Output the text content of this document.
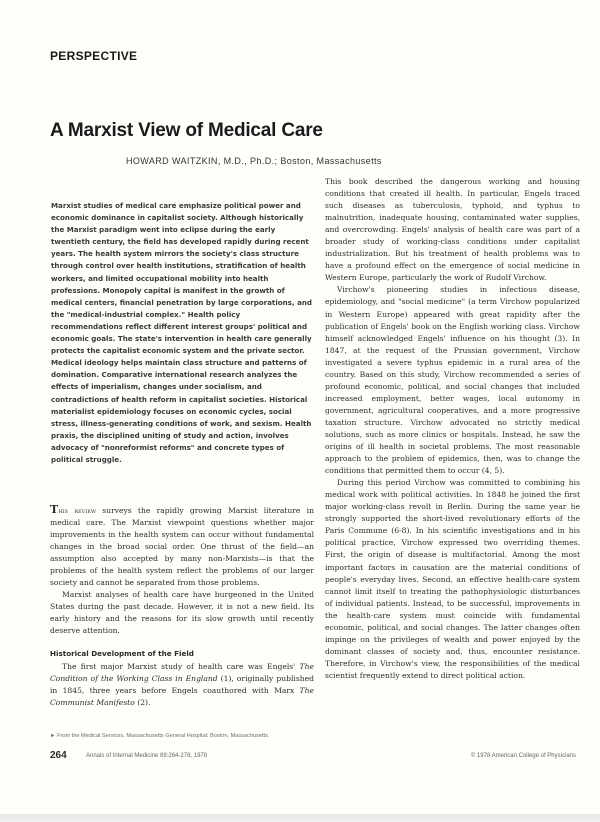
PERSPECTIVE
A Marxist View of Medical Care
HOWARD WAITZKIN, M.D., Ph.D.; Boston, Massachusetts

Marxist studies of medical care emphasize political power and economic dominance in capitalist society. Although historically the Marxist paradigm went into eclipse during the early twentieth century, the field has developed rapidly during recent years. The health system mirrors the society's class structure through control over health institutions, stratification of health workers, and limited occupational mobility into health professions. Monopoly capital is manifest in the growth of medical centers, financial penetration by large corporations, and the "medical-industrial complex." Health policy recommendations reflect different interest groups' political and economic goals. The state's intervention in health care generally protects the capitalist economic system and the private sector. Medical ideology helps maintain class structure and patterns of domination. Comparative international research analyzes the effects of imperialism, changes under socialism, and contradictions of health reform in capitalist societies. Historical materialist epidemiology focuses on economic cycles, social stress, illness-generating conditions of work, and sexism. Health praxis, the disciplined uniting of study and action, involves advocacy of "nonreformist reforms" and concrete types of political struggle.

This review surveys the rapidly growing Marxist literature in medical care. The Marxist viewpoint questions whether major improvements in the health system can occur without fundamental changes in the broad social order. One thrust of the field—an assumption also accepted by many non-Marxists—is that the problems of the health system reflect the problems of our larger society and cannot be separated from those problems.

Marxist analyses of health care have burgeoned in the United States during the past decade. However, it is not a new field. Its early history and the reasons for its slow growth until recently deserve attention.

Historical Development of the Field

The first major Marxist study of health care was Engels' The Condition of the Working Class in England (1), originally published in 1845, three years before Engels coauthored with Marx The Communist Manifesto (2).

This book described the dangerous working and housing conditions that created ill health. In particular, Engels traced such diseases as tuberculosis, typhoid, and typhus to malnutrition, inadequate housing, contaminated water supplies, and overcrowding. Engels' analysis of health care was part of a broader study of working-class conditions under capitalist industrialization. But his treatment of health problems was to have a profound effect on the emergence of social medicine in Western Europe, particularly the work of Rudolf Virchow.

Virchow's pioneering studies in infectious disease, epidemiology, and "social medicine" (a term Virchow popularized in Western Europe) appeared with great rapidity after the publication of Engels' book on the English working class. Virchow himself acknowledged Engels' influence on his thought (3). In 1847, at the request of the Prussian government, Virchow investigated a severe typhus epidemic in a rural area of the country. Based on this study, Virchow recommended a series of profound economic, political, and social changes that included increased employment, better wages, local autonomy in government, agricultural cooperatives, and a more progressive taxation structure. Virchow advocated no strictly medical solutions, such as more clinics or hospitals. Instead, he saw the origins of ill health in societal problems. The most reasonable approach to the problem of epidemics, then, was to change the conditions that permitted them to occur (4, 5).

During this period Virchow was committed to combining his medical work with political activities. In 1848 he joined the first major working-class revolt in Berlin. During the same year he strongly supported the short-lived revolutionary efforts of the Paris Commune (6-8). In his scientific investigations and in his political practice, Virchow expressed two overriding themes. First, the origin of disease is multifactorial. Among the most important factors in causation are the material conditions of people's everyday lives. Second, an effective health-care system cannot limit itself to treating the pathophysiologic disturbances of individual patients. Instead, to be successful, improvements in the health-care system must coincide with fundamental economic, political, and social changes. The latter changes often impinge on the privileges of wealth and power enjoyed by the dominant classes of society and, thus, encounter resistance. Therefore, in Virchow's view, the responsibilities of the medical scientist frequently extend to direct political action.

► From the Medical Services, Massachusetts General Hospital; Boston, Massachusetts.
264	Annals of Internal Medicine 89:264-278, 1978	© 1978 American College of Physicians
